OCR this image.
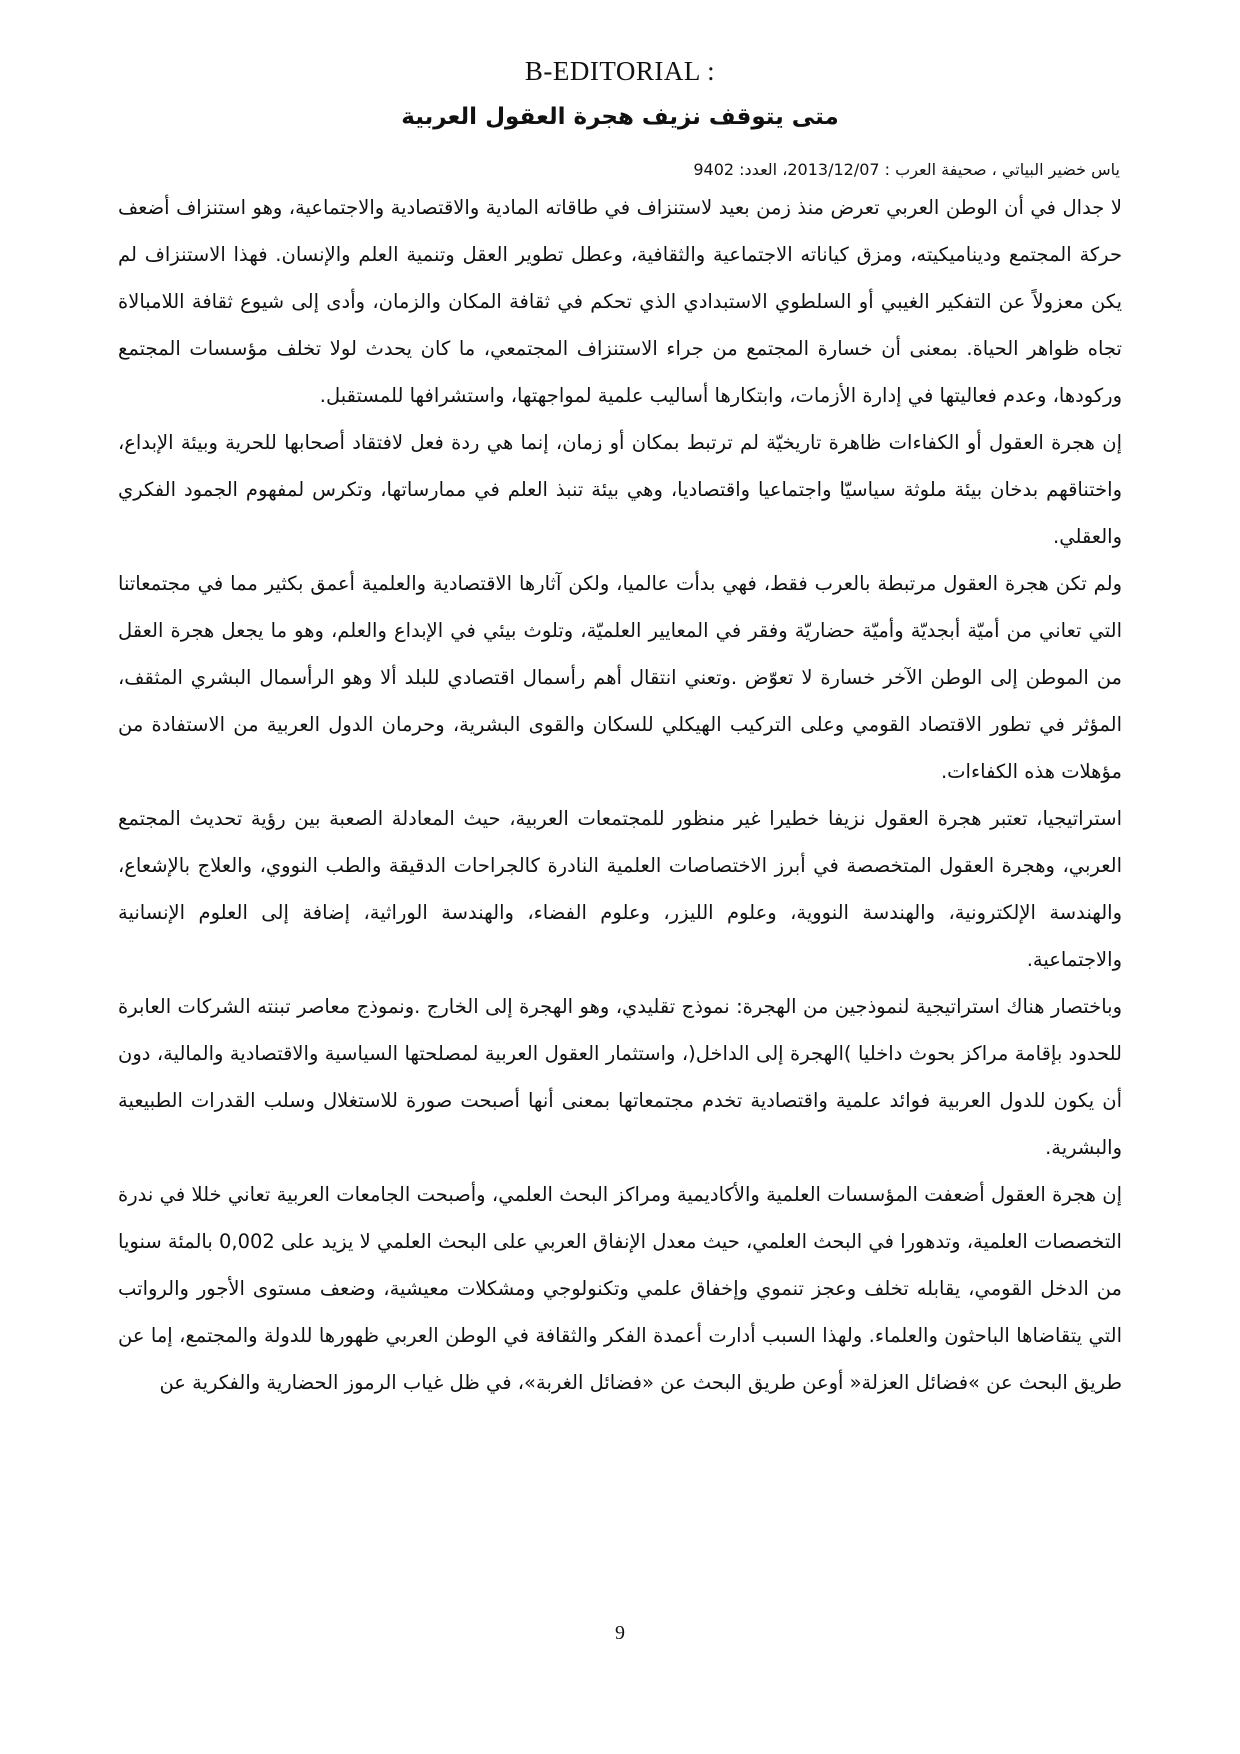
B-EDITORIAL :
متى يتوقف نزيف هجرة العقول العربية
ياس خضير البياتي ، صحيفة العرب : 2013/12/07، العدد: 9402

لا جدال في أن الوطن العربي تعرض منذ زمن بعيد لاستنزاف في طاقاته المادية والاقتصادية والاجتماعية، وهو استنزاف أضعف حركة المجتمع وديناميكيته، ومزق كياناته الاجتماعية والثقافية، وعطل تطوير العقل وتنمية العلم والإنسان. فهذا الاستنزاف لم يكن معزولاً عن التفكير الغيبي أو السلطوي الاستبدادي الذي تحكم في ثقافة المكان والزمان، وأدى إلى شيوع ثقافة اللامبالاة تجاه ظواهر الحياة. بمعنى أن خسارة المجتمع من جراء الاستنزاف المجتمعي، ما كان يحدث لولا تخلف مؤسسات المجتمع وركودها، وعدم فعاليتها في إدارة الأزمات، وابتكارها أساليب علمية لمواجهتها، واستشرافها للمستقبل.

إن هجرة العقول أو الكفاءات ظاهرة تاريخيّة لم ترتبط بمكان أو زمان، إنما هي ردة فعل لافتقاد أصحابها للحرية وبيئة الإبداع، واختناقهم بدخان بيئة ملوثة سياسيّا واجتماعيا واقتصاديا، وهي بيئة تنبذ العلم في ممارساتها، وتكرس لمفهوم الجمود الفكري والعقلي.

ولم تكن هجرة العقول مرتبطة بالعرب فقط، فهي بدأت عالميا، ولكن آثارها الاقتصادية والعلمية أعمق بكثير مما في مجتمعاتنا التي تعاني من أميّة أبجديّة وأميّة حضاريّة وفقر في المعايير العلميّة، وتلوث بيئي في الإبداع والعلم، وهو ما يجعل هجرة العقل من الموطن إلى الوطن الآخر خسارة لا تعوّض .وتعني انتقال أهم رأسمال اقتصادي للبلد ألا وهو الرأسمال البشري المثقف، المؤثر في تطور الاقتصاد القومي وعلى التركيب الهيكلي للسكان والقوى البشرية، وحرمان الدول العربية من الاستفادة من مؤهلات هذه الكفاءات.

استراتيجيا، تعتبر هجرة العقول نزيفا خطيرا غير منظور للمجتمعات العربية، حيث المعادلة الصعبة بين رؤية تحديث المجتمع العربي، وهجرة العقول المتخصصة في أبرز الاختصاصات العلمية النادرة كالجراحات الدقيقة والطب النووي، والعلاج بالإشعاع، والهندسة الإلكترونية، والهندسة النووية، وعلوم الليزر، وعلوم الفضاء، والهندسة الوراثية، إضافة إلى العلوم الإنسانية والاجتماعية.

وباختصار هناك استراتيجية لنموذجين من الهجرة: نموذج تقليدي، وهو الهجرة إلى الخارج .ونموذج معاصر تبنته الشركات العابرة للحدود بإقامة مراكز بحوث داخليا )الهجرة إلى الداخل(، واستثمار العقول العربية لمصلحتها السياسية والاقتصادية والمالية، دون أن يكون للدول العربية فوائد علمية واقتصادية تخدم مجتمعاتها بمعنى أنها أصبحت صورة للاستغلال وسلب القدرات الطبيعية والبشرية.

إن هجرة العقول أضعفت المؤسسات العلمية والأكاديمية ومراكز البحث العلمي، وأصبحت الجامعات العربية تعاني خللا في ندرة التخصصات العلمية، وتدهورا في البحث العلمي، حيث معدل الإنفاق العربي على البحث العلمي لا يزيد على 0,002 بالمئة سنويا من الدخل القومي، يقابله تخلف وعجز تنموي وإخفاق علمي وتكنولوجي ومشكلات معيشية، وضعف مستوى الأجور والرواتب التي يتقاضاها الباحثون والعلماء. ولهذا السبب أدارت أعمدة الفكر والثقافة في الوطن العربي ظهورها للدولة والمجتمع، إما عن طريق البحث عن »فضائل العزلة« أوعن طريق البحث عن «فضائل الغربة»، في ظل غياب الرموز الحضارية والفكرية عن

9
